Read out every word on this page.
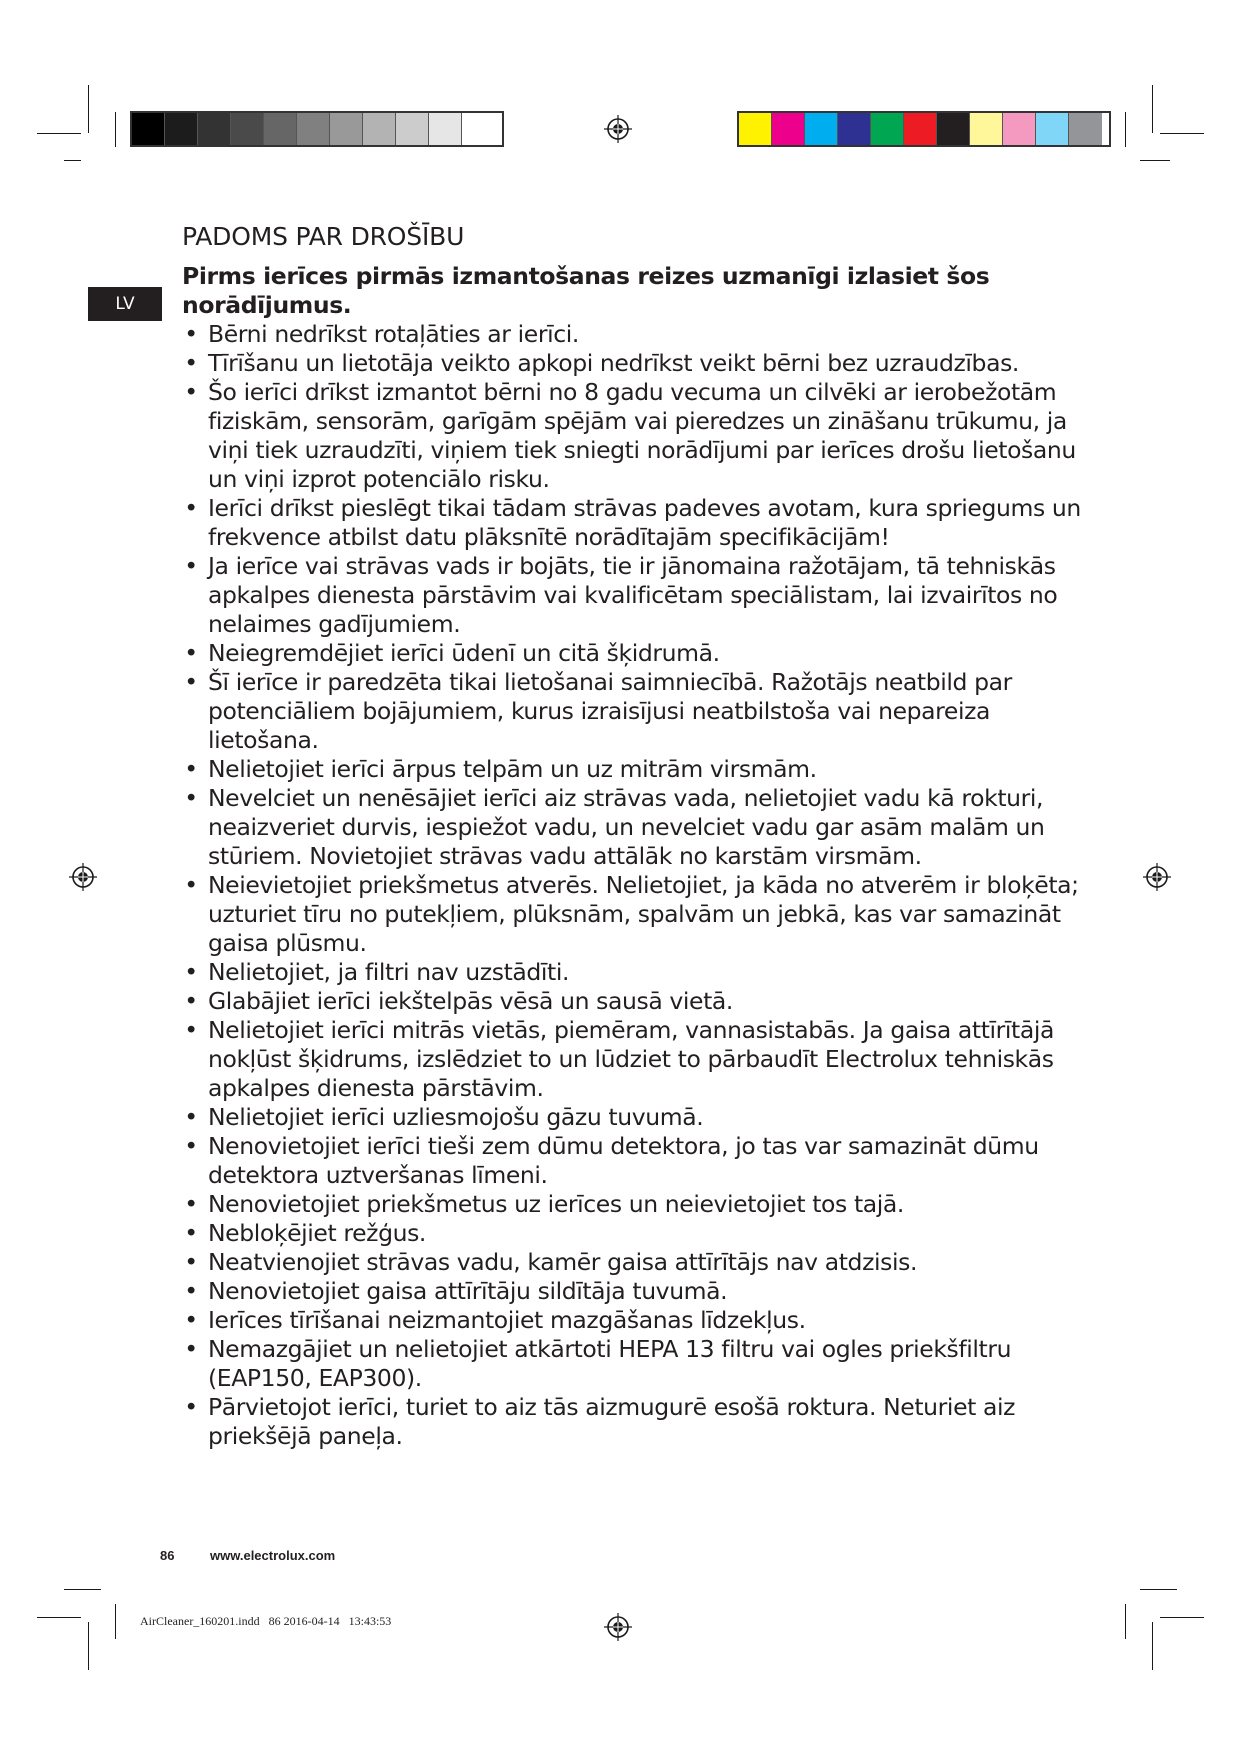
LV
PADOMS PAR DROŠĪBU

Pirms ierīces pirmās izmantošanas reizes uzmanīgi izlasiet šos norādījumus.

• Bērni nedrīkst rotaļāties ar ierīci.
• Tīrīšanu un lietotāja veikto apkopi nedrīkst veikt bērni bez uzraudzības.
• Šo ierīci drīkst izmantot bērni no 8 gadu vecuma un cilvēki ar ierobežotām fiziskām, sensorām, garīgām spējām vai pieredzes un zināšanu trūkumu, ja viņi tiek uzraudzīti, viņiem tiek sniegti norādījumi par ierīces drošu lietošanu un viņi izprot potenciālo risku.
• Ierīci drīkst pieslēgt tikai tādam strāvas padeves avotam, kura spriegums un frekvence atbilst datu plāksnītē norādītajām specifikācijām!
• Ja ierīce vai strāvas vads ir bojāts, tie ir jānomaina ražotājam, tā tehniskās apkalpes dienesta pārstāvim vai kvalificētam speciālistam, lai izvairītos no nelaimes gadījumiem.
• Neiegremdējiet ierīci ūdenī un citā šķidrumā.
• Šī ierīce ir paredzēta tikai lietošanai saimniecībā. Ražotājs neatbild par potenciāliem bojājumiem, kurus izraisījusi neatbilstoša vai nepareiza lietošana.
• Nelietojiet ierīci ārpus telpām un uz mitrām virsmām.
• Nevelciet un nenēsājiet ierīci aiz strāvas vada, nelietojiet vadu kā rokturi, neaizveriet durvis, iespiežot vadu, un nevelciet vadu gar asām malām un stūriem. Novietojiet strāvas vadu attālāk no karstām virsmām.
• Neievietojiet priekšmetus atverēs. Nelietojiet, ja kāda no atverēm ir bloķēta; uzturiet tīru no putekļiem, plūksnām, spalvām un jebkā, kas var samazināt gaisa plūsmu.
• Nelietojiet, ja filtri nav uzstādīti.
• Glabājiet ierīci iekštelpās vēsā un sausā vietā.
• Nelietojiet ierīci mitrās vietās, piemēram, vannasistabās. Ja gaisa attīrītājā nokļūst šķidrums, izslēdziet to un lūdziet to pārbaudīt Electrolux tehniskās apkalpes dienesta pārstāvim.
• Nelietojiet ierīci uzliesmojošu gāzu tuvumā.
• Nenovietojiet ierīci tieši zem dūmu detektora, jo tas var samazināt dūmu detektora uztveršanas līmeni.
• Nenovietojiet priekšmetus uz ierīces un neievietojiet tos tajā.
• Nebloķējiet režģus.
• Neatvienojiet strāvas vadu, kamēr gaisa attīrītājs nav atdzisis.
• Nenovietojiet gaisa attīrītāju sildītāja tuvumā.
• Ierīces tīrīšanai neizmantojiet mazgāšanas līdzekļus.
• Nemazgājiet un nelietojiet atkārtoti HEPA 13 filtru vai ogles priekšfiltru (EAP150, EAP300).
• Pārvietojot ierīci, turiet to aiz tās aizmugurē esošā roktura. Neturiet aiz priekšējā paneļa.
86	www.electrolux.com
AirCleaner_160201.indd   86 2016-04-14   13:43:53
